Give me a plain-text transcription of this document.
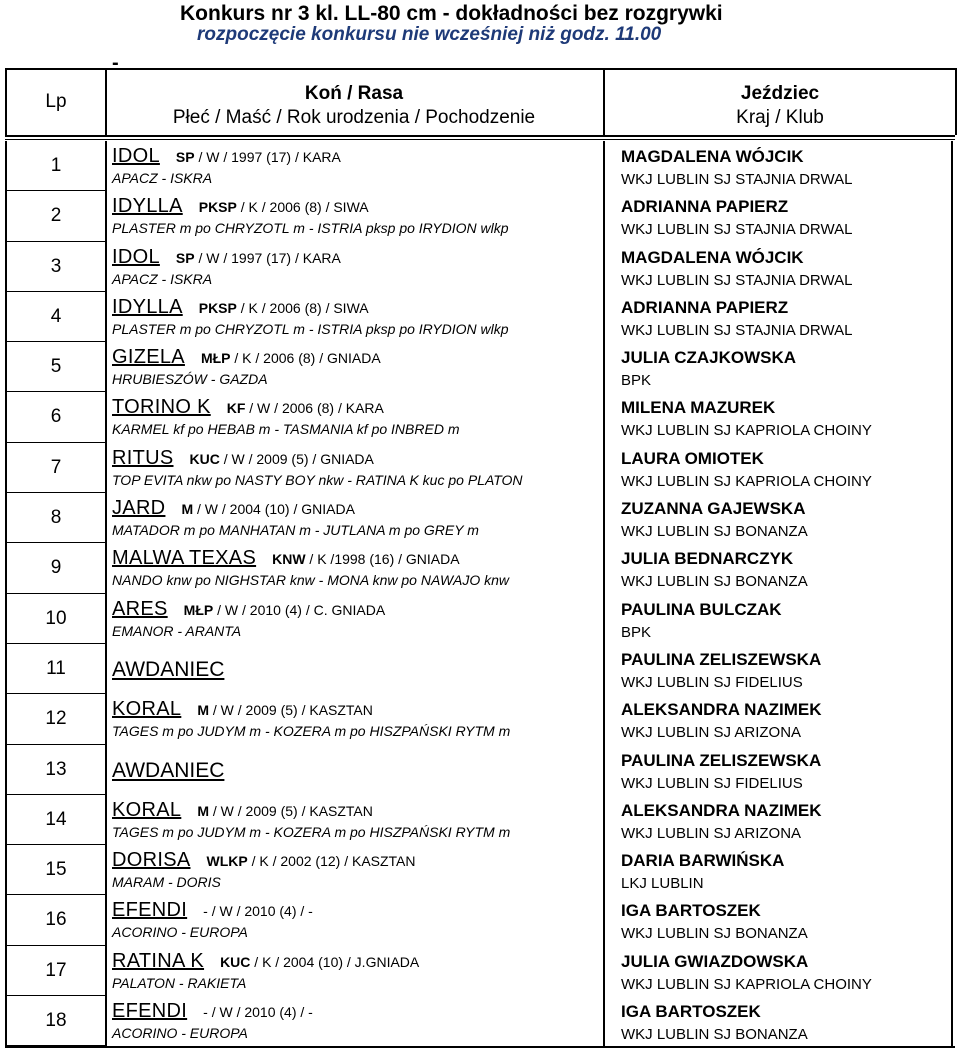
Konkurs nr 3 kl. LL-80 cm - dokładności bez rozgrywki
rozpoczęcie konkursu nie wcześniej niż godz. 11.00
-
Lp	Koń / Rasa
Płeć / Maść / Rok urodzenia / Pochodzenie
Jeździec
Kraj / Klub
1	IDOL SP / W / 1997 (17) / KARA
APACZ - ISKRA
MAGDALENA WÓJCIK
WKJ LUBLIN SJ STAJNIA DRWAL
2	IDYLLA PKSP / K / 2006 (8) / SIWA
PLASTER m po CHRYZOTL m - ISTRIA pksp po IRYDION wlkp
ADRIANNA PAPIERZ
WKJ LUBLIN SJ STAJNIA DRWAL
3	IDOL SP / W / 1997 (17) / KARA
APACZ - ISKRA
MAGDALENA WÓJCIK
WKJ LUBLIN SJ STAJNIA DRWAL
4	IDYLLA PKSP / K / 2006 (8) / SIWA
PLASTER m po CHRYZOTL m - ISTRIA pksp po IRYDION wlkp
ADRIANNA PAPIERZ
WKJ LUBLIN SJ STAJNIA DRWAL
5	GIZELA MŁP / K / 2006 (8) / GNIADA
HRUBIESZÓW - GAZDA
JULIA CZAJKOWSKA
BPK
6	TORINO K KF / W / 2006 (8) / KARA
KARMEL kf po HEBAB m - TASMANIA kf po INBRED m
MILENA MAZUREK
WKJ LUBLIN SJ KAPRIOLA CHOINY
7	RITUS KUC / W / 2009 (5) / GNIADA
TOP EVITA nkw po NASTY BOY nkw - RATINA K kuc po PLATON
LAURA OMIOTEK
WKJ LUBLIN SJ KAPRIOLA CHOINY
8	JARD M / W / 2004 (10) / GNIADA
MATADOR m po MANHATAN m - JUTLANA m po GREY m
ZUZANNA GAJEWSKA
WKJ LUBLIN SJ BONANZA
9	MALWA TEXAS KNW / K /1998 (16) / GNIADA
NANDO knw po NIGHSTAR knw - MONA knw po NAWAJO knw
JULIA BEDNARCZYK
WKJ LUBLIN SJ BONANZA
10	ARES MŁP / W / 2010 (4) / C. GNIADA
EMANOR - ARANTA
PAULINA BULCZAK
BPK
11	AWDANIEC	PAULINA ZELISZEWSKA
WKJ LUBLIN SJ FIDELIUS
12	KORAL M / W / 2009 (5) / KASZTAN
TAGES m po JUDYM m - KOZERA m po HISZPAŃSKI RYTM m
ALEKSANDRA NAZIMEK
WKJ LUBLIN SJ ARIZONA
13	AWDANIEC	PAULINA ZELISZEWSKA
WKJ LUBLIN SJ FIDELIUS
14	KORAL M / W / 2009 (5) / KASZTAN
TAGES m po JUDYM m - KOZERA m po HISZPAŃSKI RYTM m
ALEKSANDRA NAZIMEK
WKJ LUBLIN SJ ARIZONA
15	DORISA WLKP / K / 2002 (12) / KASZTAN
MARAM - DORIS
DARIA BARWIŃSKA
LKJ LUBLIN
16	EFENDI - / W / 2010 (4) / -
ACORINO - EUROPA
IGA BARTOSZEK
WKJ LUBLIN SJ BONANZA
17	RATINA K KUC / K / 2004 (10) / J.GNIADA
PALATON - RAKIETA
JULIA GWIAZDOWSKA
WKJ LUBLIN SJ KAPRIOLA CHOINY
18	EFENDI - / W / 2010 (4) / -
ACORINO - EUROPA
IGA BARTOSZEK
WKJ LUBLIN SJ BONANZA
